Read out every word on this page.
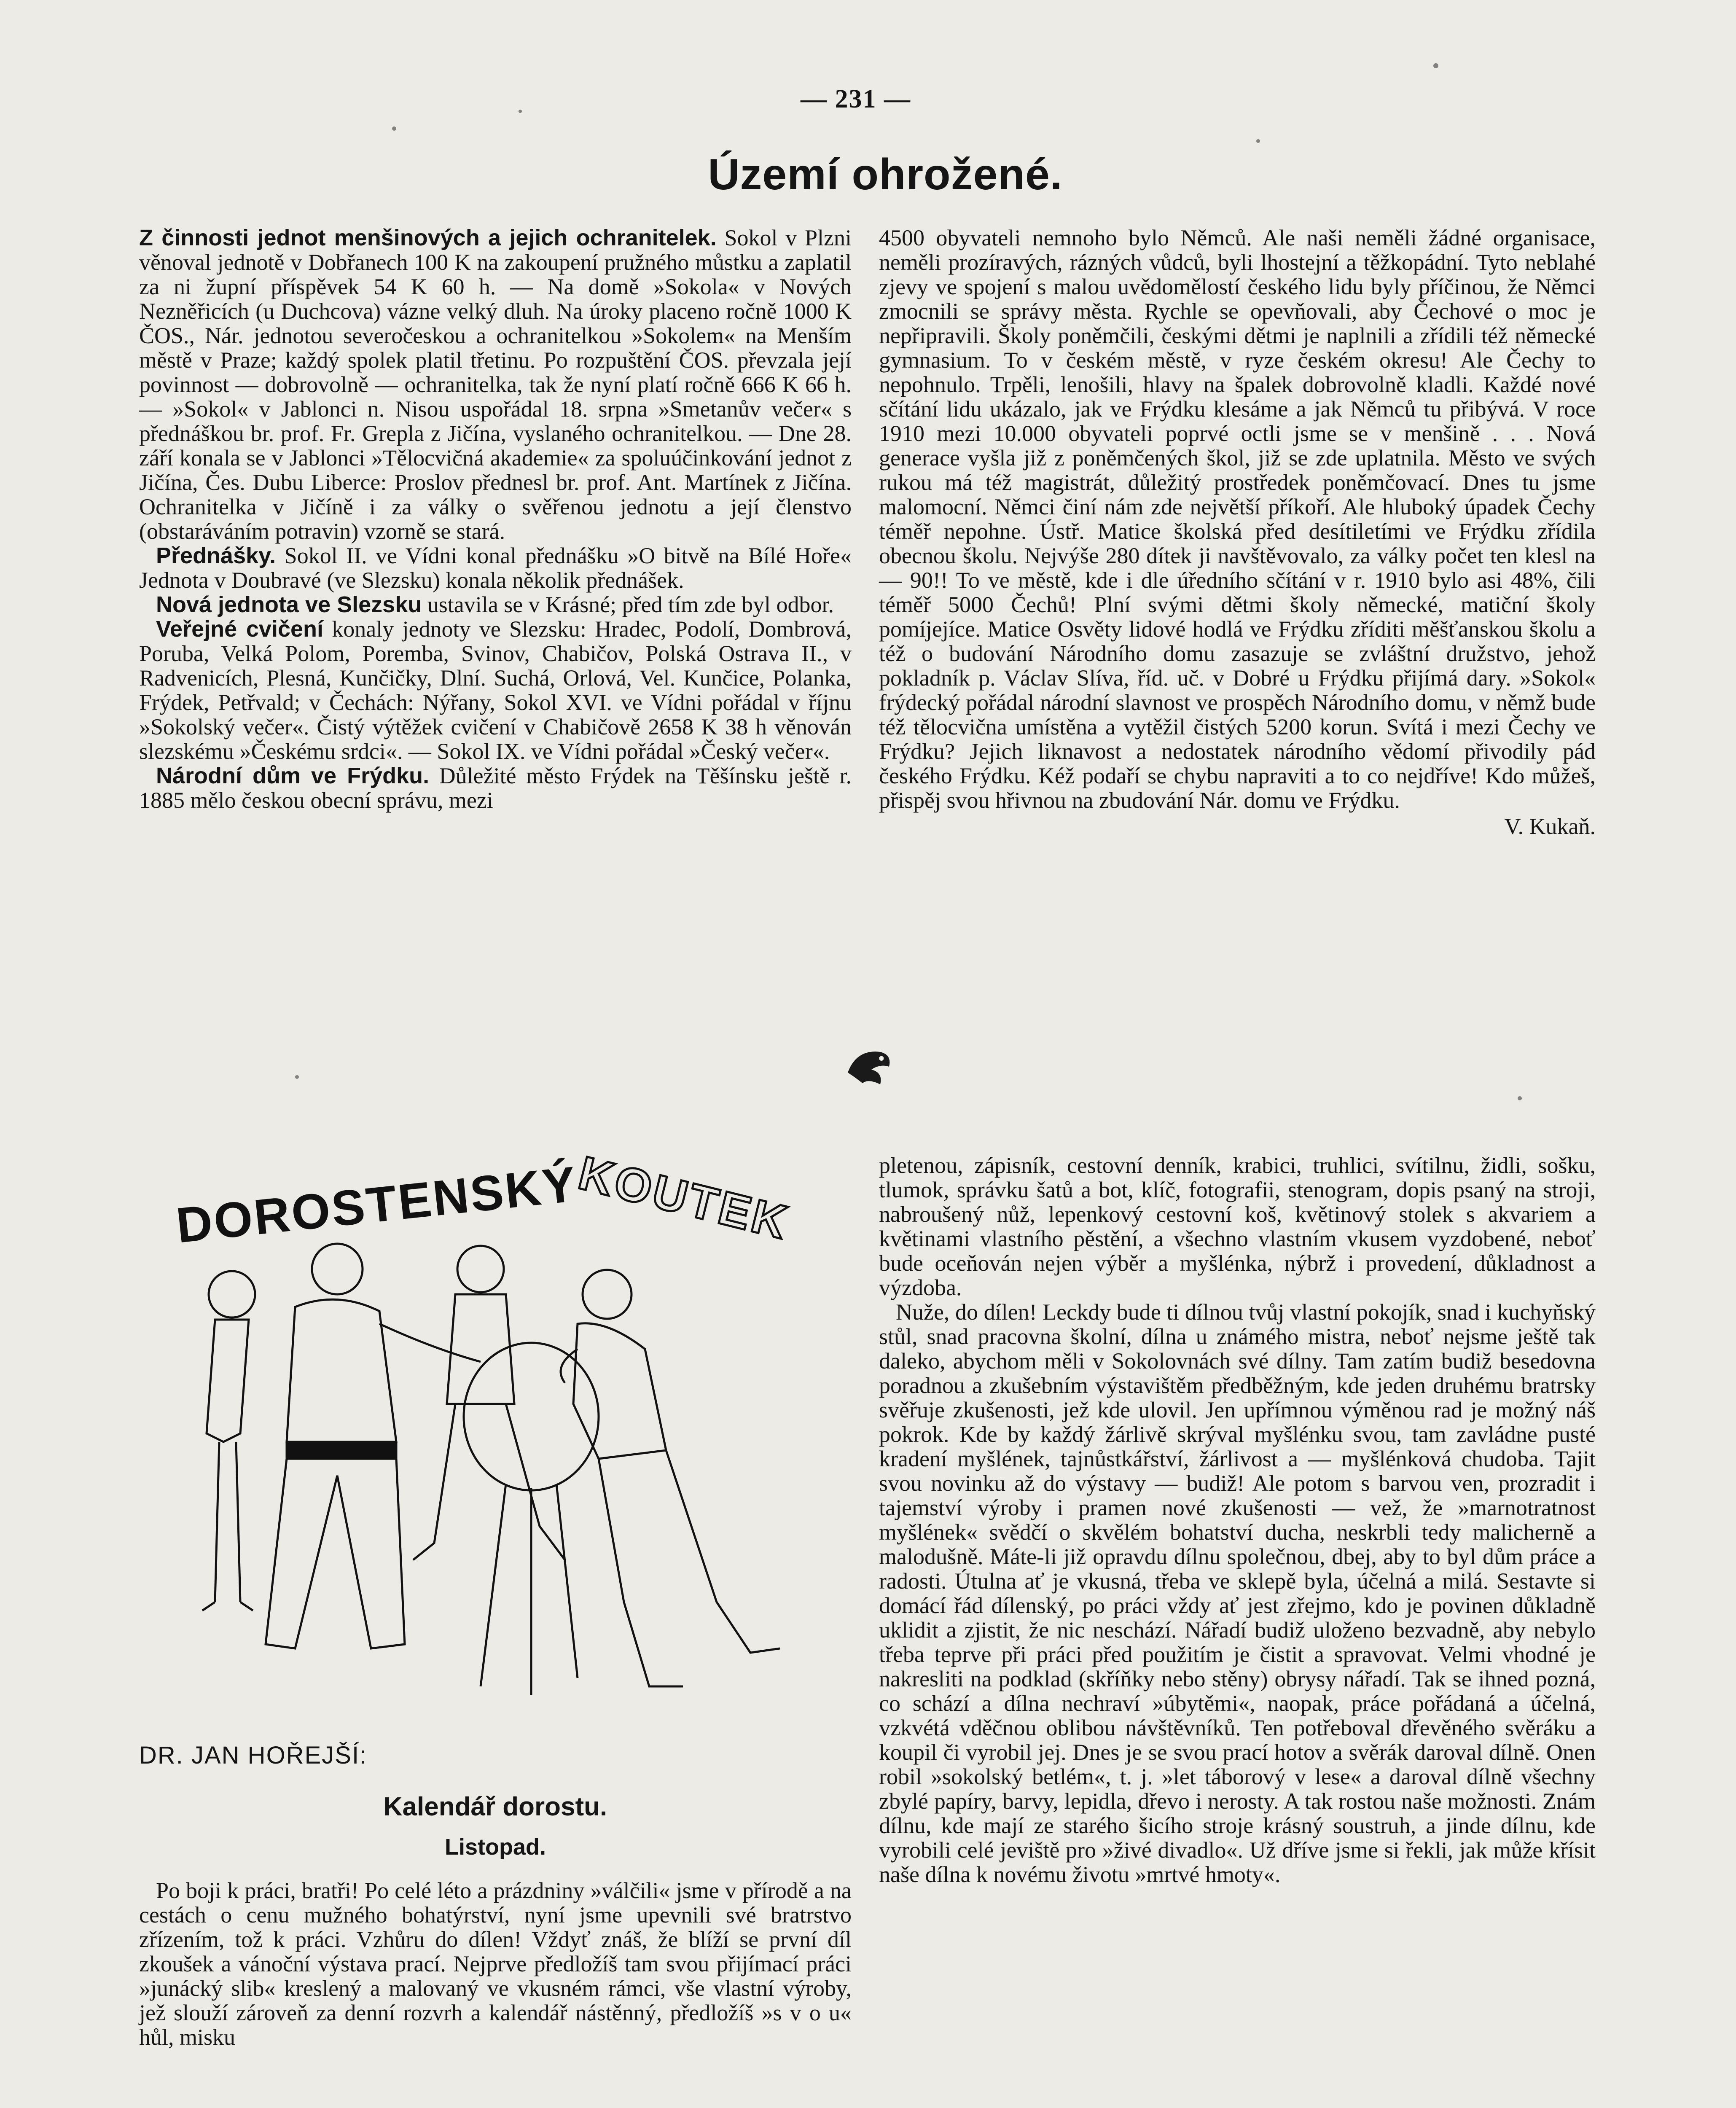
— 231 —
Území ohrožené.

Z činnosti jednot menšinových a jejich ochranitelek. Sokol v Plzni věnoval jednotě v Dobřanech 100 K na zakoupení pružného můstku a zaplatil za ni župní příspěvek 54 K 60 h. — Na domě »Sokola« v Nových Nezněřicích (u Duchcova) vázne velký dluh. Na úroky placeno ročně 1000 K ČOS., Nár. jednotou severočeskou a ochranitelkou »Sokolem« na Menším městě v Praze; každý spolek platil třetinu. Po rozpuštění ČOS. převzala její povinnost — dobrovolně — ochranitelka, tak že nyní platí ročně 666 K 66 h. — »Sokol« v Jablonci n. Nisou uspořádal 18. srpna »Smetanův večer« s přednáškou br. prof. Fr. Grepla z Jičína, vyslaného ochranitelkou. — Dne 28. září konala se v Jablonci »Tělocvičná akademie« za spoluúčinkování jednot z Jičína, Čes. Dubu Liberce: Proslov přednesl br. prof. Ant. Martínek z Jičína. Ochranitelka v Jičíně i za války o svěřenou jednotu a její členstvo (obstaráváním potravin) vzorně se stará.

Přednášky. Sokol II. ve Vídni konal přednášku »O bitvě na Bílé Hoře« Jednota v Doubravé (ve Slezsku) konala několik přednášek.

Nová jednota ve Slezsku ustavila se v Krásné; před tím zde byl odbor.

Veřejné cvičení konaly jednoty ve Slezsku: Hradec, Podolí, Dombrová, Poruba, Velká Polom, Poremba, Svinov, Chabičov, Polská Ostrava II., v Radvenicích, Plesná, Kunčičky, Dlní. Suchá, Orlová, Vel. Kunčice, Polanka, Frýdek, Petřvald; v Čechách: Nýřany, Sokol XVI. ve Vídni pořádal v říjnu »Sokolský večer«. Čistý výtěžek cvičení v Chabičově 2658 K 38 h věnován slezskému »Českému srdci«. — Sokol IX. ve Vídni pořádal »Český večer«.

Národní dům ve Frýdku. Důležité město Frýdek na Těšínsku ještě r. 1885 mělo českou obecní správu, mezi

4500 obyvateli nemnoho bylo Němců. Ale naši neměli žádné organisace, neměli prozíravých, rázných vůdců, byli lhostejní a těžkopádní. Tyto neblahé zjevy ve spojení s malou uvědomělostí českého lidu byly příčinou, že Němci zmocnili se správy města. Rychle se opevňovali, aby Čechové o moc je nepřipravili. Školy poněmčili, českými dětmi je naplnili a zřídili též německé gymnasium. To v českém městě, v ryze českém okresu! Ale Čechy to nepohnulo. Trpěli, lenošili, hlavy na špalek dobrovolně kladli. Každé nové sčítání lidu ukázalo, jak ve Frýdku klesáme a jak Němců tu přibývá. V roce 1910 mezi 10.000 obyvateli poprvé octli jsme se v menšině . . . Nová generace vyšla již z poněmčených škol, již se zde uplatnila. Město ve svých rukou má též magistrát, důležitý prostředek poněmčovací. Dnes tu jsme malomocní. Němci činí nám zde největší příkoří. Ale hluboký úpadek Čechy téměř nepohne. Ústř. Matice školská před desítiletími ve Frýdku zřídila obecnou školu. Nejvýše 280 dítek ji navštěvovalo, za války počet ten klesl na — 90!! To ve městě, kde i dle úředního sčítání v r. 1910 bylo asi 48%, čili téměř 5000 Čechů! Plní svými dětmi školy německé, matiční školy pomíjejíce. Matice Osvěty lidové hodlá ve Frýdku zříditi měšťanskou školu a též o budování Národního domu zasazuje se zvláštní družstvo, jehož pokladník p. Václav Slíva, říd. uč. v Dobré u Frýdku přijímá dary. »Sokol« frýdecký pořádal národní slavnost ve prospěch Národního domu, v němž bude též tělocvična umístěna a vytěžil čistých 5200 korun. Svítá i mezi Čechy ve Frýdku? Jejich liknavost a nedostatek národního vědomí přivodily pád českého Frýdku. Kéž podaří se chybu napraviti a to co nejdříve! Kdo můžeš, přispěj svou hřivnou na zbudování Nár. domu ve Frýdku.

V. Kukaň.
DOROSTENSKÝ
KOUTEK
DR. JAN HOŘEJŠÍ:
Kalendář dorostu.
Listopad.

Po boji k práci, bratři! Po celé léto a prázdniny »válčili« jsme v přírodě a na cestách o cenu mužného bohatýrství, nyní jsme upevnili své bratrstvo zřízením, tož k práci. Vzhůru do dílen! Vždyť znáš, že blíží se první díl zkoušek a vánoční výstava prací. Nejprve předložíš tam svou přijímací práci »junácký slib« kreslený a malovaný ve vkusném rámci, vše vlastní výroby, jež slouží zároveň za denní rozvrh a kalendář nástěnný, předložíš »s v o u« hůl, misku

pletenou, zápisník, cestovní denník, krabici, truhlici, svítilnu, židli, sošku, tlumok, správku šatů a bot, klíč, fotografii, stenogram, dopis psaný na stroji, nabroušený nůž, lepenkový cestovní koš, květinový stolek s akvariem a květinami vlastního pěstění, a všechno vlastním vkusem vyzdobené, neboť bude oceňován nejen výběr a myšlénka, nýbrž i provedení, důkladnost a výzdoba.

Nuže, do dílen! Leckdy bude ti dílnou tvůj vlastní pokojík, snad i kuchyňský stůl, snad pracovna školní, dílna u známého mistra, neboť nejsme ještě tak daleko, abychom měli v Sokolovnách své dílny. Tam zatím budiž besedovna poradnou a zkušebním výstavištěm předběžným, kde jeden druhému bratrsky svěřuje zkušenosti, jež kde ulovil. Jen upřímnou výměnou rad je možný náš pokrok. Kde by každý žárlivě skrýval myšlénku svou, tam zavládne pusté kradení myšlének, tajnůstkářství, žárlivost a — myšlénková chudoba. Tajit svou novinku až do výstavy — budiž! Ale potom s barvou ven, prozradit i tajemství výroby i pramen nové zkušenosti — vež, že »marnotratnost myšlének« svědčí o skvělém bohatství ducha, neskrbli tedy malicherně a malodušně. Máte-li již opravdu dílnu společnou, dbej, aby to byl dům práce a radosti. Útulna ať je vkusná, třeba ve sklepě byla, účelná a milá. Sestavte si domácí řád dílenský, po práci vždy ať jest zřejmo, kdo je povinen důkladně uklidit a zjistit, že nic neschází. Nářadí budiž uloženo bezvadně, aby nebylo třeba teprve při práci před použitím je čistit a spravovat. Velmi vhodné je nakresliti na podklad (skříňky nebo stěny) obrysy nářadí. Tak se ihned pozná, co schází a dílna nechraví »úbytěmi«, naopak, práce pořádaná a účelná, vzkvétá vděčnou oblibou návštěvníků. Ten potřeboval dřevěného svěráku a koupil či vyrobil jej. Dnes je se svou prací hotov a svěrák daroval dílně. Onen robil »sokolský betlém«, t. j. »let táborový v lese« a daroval dílně všechny zbylé papíry, barvy, lepidla, dřevo i nerosty. A tak rostou naše možnosti. Znám dílnu, kde mají ze starého šicího stroje krásný soustruh, a jinde dílnu, kde vyrobili celé jeviště pro »živé divadlo«. Už dříve jsme si řekli, jak může křísit naše dílna k novému životu »mrtvé hmoty«.
